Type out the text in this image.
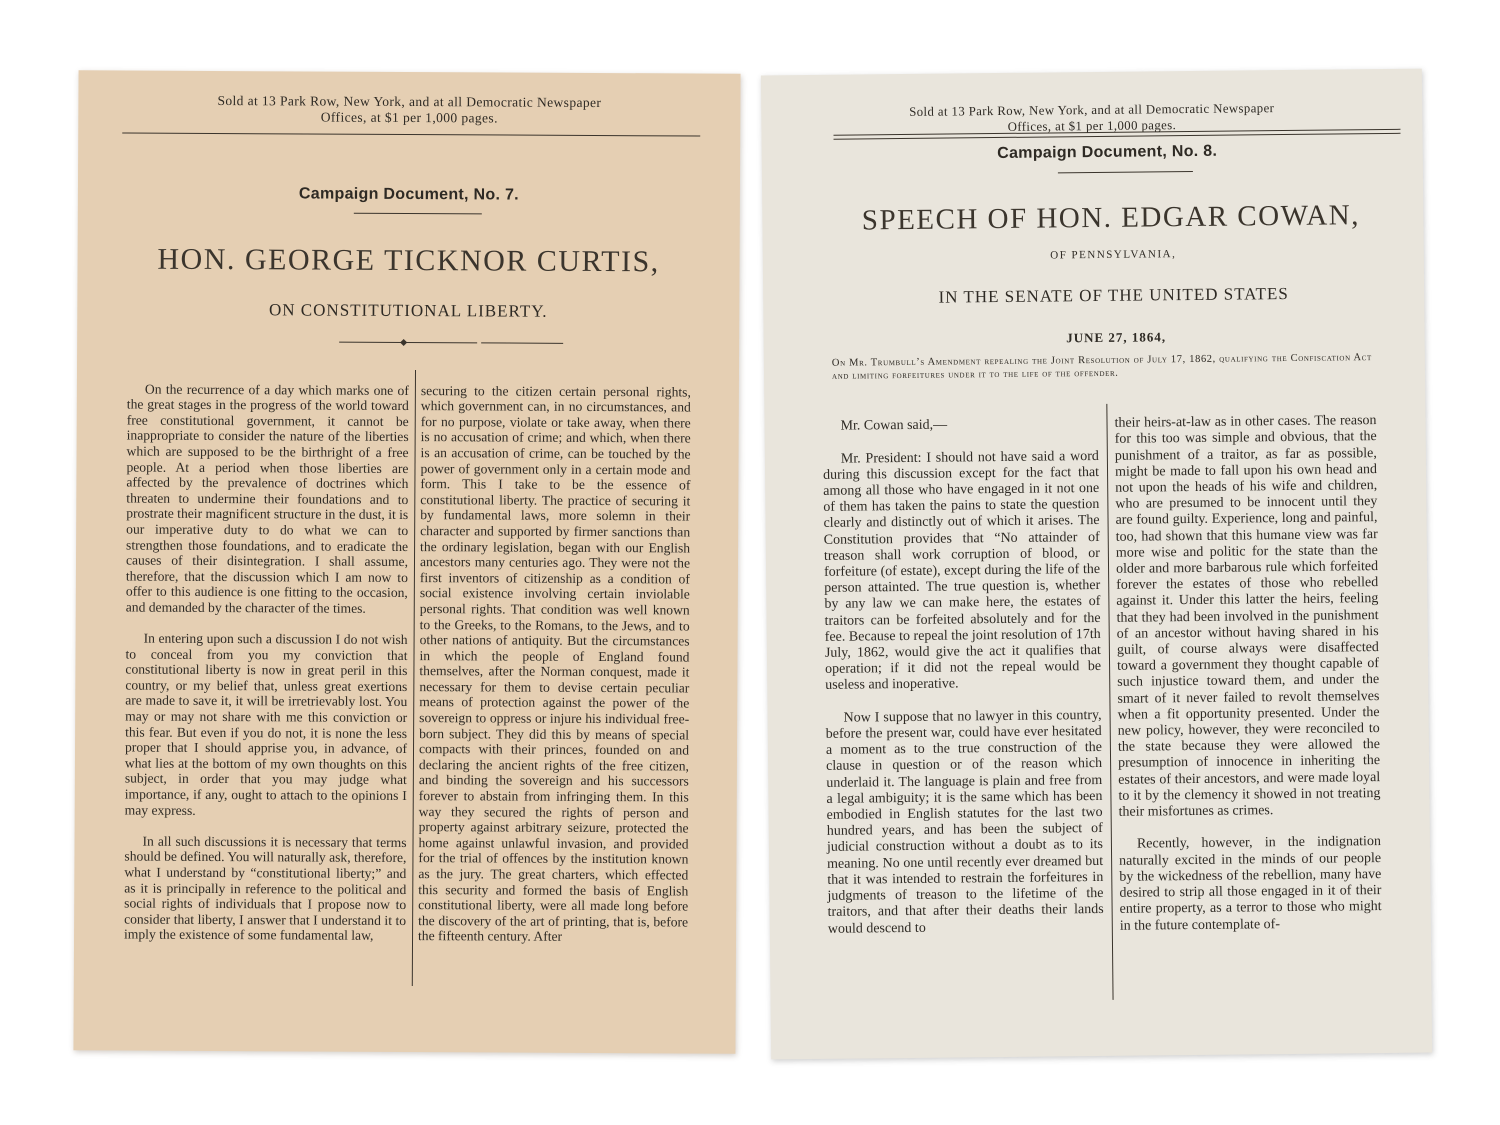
Sold at 13 Park Row, New York, and at all Democratic Newspaper
Offices, at $1 per 1,000 pages.
Campaign Document, No. 7.
HON. GEORGE TICKNOR CURTIS,
ON CONSTITUTIONAL LIBERTY.

On the recurrence of a day which marks one of the great stages in the progress of the world toward free constitutional government, it cannot be inappropriate to consider the nature of the liberties which are supposed to be the birthright of a free people. At a period when those liberties are affected by the prevalence of doctrines which threaten to undermine their foundations and to prostrate their magnificent structure in the dust, it is our imperative duty to do what we can to strengthen those foundations, and to eradicate the causes of their disintegration. I shall assume, therefore, that the discussion which I am now to offer to this audience is one fitting to the occasion, and demanded by the character of the times.

In entering upon such a discussion I do not wish to conceal from you my conviction that constitutional liberty is now in great peril in this country, or my belief that, unless great exertions are made to save it, it will be irretrievably lost. You may or may not share with me this conviction or this fear. But even if you do not, it is none the less proper that I should apprise you, in advance, of what lies at the bottom of my own thoughts on this subject, in order that you may judge what importance, if any, ought to attach to the opinions I may express.

In all such discussions it is necessary that terms should be defined. You will naturally ask, therefore, what I understand by “constitutional liberty;” and as it is principally in reference to the political and social rights of individuals that I propose now to consider that liberty, I answer that I understand it to imply the existence of some fundamental law,

securing to the citizen certain personal rights, which government can, in no circumstances, and for no purpose, violate or take away, when there is no accusation of crime; and which, when there is an accusation of crime, can be touched by the power of government only in a certain mode and form. This I take to be the essence of constitutional liberty. The practice of securing it by fundamental laws, more solemn in their character and supported by firmer sanctions than the ordinary legislation, began with our English ancestors many centuries ago. They were not the first inventors of citizenship as a condition of social existence involving certain inviolable personal rights. That condition was well known to the Greeks, to the Romans, to the Jews, and to other nations of antiquity. But the circumstances in which the people of England found themselves, after the Norman conquest, made it necessary for them to devise certain peculiar means of protection against the power of the sovereign to oppress or injure his individual free-born subject. They did this by means of special compacts with their princes, founded on and declaring the ancient rights of the free citizen, and binding the sovereign and his successors forever to abstain from infringing them. In this way they secured the rights of person and property against arbitrary seizure, protected the home against unlawful invasion, and provided for the trial of offences by the institution known as the jury. The great charters, which effected this security and formed the basis of English constitutional liberty, were all made long before the discovery of the art of printing, that is, before the fifteenth century. After

Sold at 13 Park Row, New York, and at all Democratic Newspaper
Offices, at $1 per 1,000 pages.
Campaign Document, No. 8.
SPEECH OF HON. EDGAR COWAN,
OF PENNSYLVANIA,
IN THE SENATE OF THE UNITED STATES
JUNE 27, 1864,
On Mr. Trumbull’s Amendment repealing the Joint Resolution of July 17, 1862, qualifying the Confiscation Act and limiting forfeitures under it to the life of the offender.

Mr. Cowan said,—

Mr. President: I should not have said a word during this discussion except for the fact that among all those who have engaged in it not one of them has taken the pains to state the question clearly and distinctly out of which it arises. The Constitution provides that “No attainder of treason shall work corruption of blood, or forfeiture (of estate), except during the life of the person attainted. The true question is, whether by any law we can make here, the estates of traitors can be forfeited absolutely and for the fee. Because to repeal the joint resolution of 17th July, 1862, would give the act it qualifies that operation; if it did not the repeal would be useless and inoperative.

Now I suppose that no lawyer in this country, before the present war, could have ever hesitated a moment as to the true construction of the clause in question or of the reason which underlaid it. The language is plain and free from a legal ambiguity; it is the same which has been embodied in English statutes for the last two hundred years, and has been the subject of judicial construction without a doubt as to its meaning. No one until recently ever dreamed but that it was intended to restrain the forfeitures in judgments of treason to the lifetime of the traitors, and that after their deaths their lands would descend to

their heirs-at-law as in other cases. The reason for this too was simple and obvious, that the punishment of a traitor, as far as possible, might be made to fall upon his own head and not upon the heads of his wife and children, who are presumed to be innocent until they are found guilty. Experience, long and painful, too, had shown that this humane view was far more wise and politic for the state than the older and more barbarous rule which forfeited forever the estates of those who rebelled against it. Under this latter the heirs, feeling that they had been involved in the punishment of an ancestor without having shared in his guilt, of course always were disaffected toward a government they thought capable of such injustice toward them, and under the smart of it never failed to revolt themselves when a fit opportunity presented. Under the new policy, however, they were reconciled to the state because they were allowed the presumption of innocence in inheriting the estates of their ancestors, and were made loyal to it by the clemency it showed in not treating their misfortunes as crimes.

Recently, however, in the indignation naturally excited in the minds of our people by the wickedness of the rebellion, many have desired to strip all those engaged in it of their entire property, as a terror to those who might in the future contemplate of-
